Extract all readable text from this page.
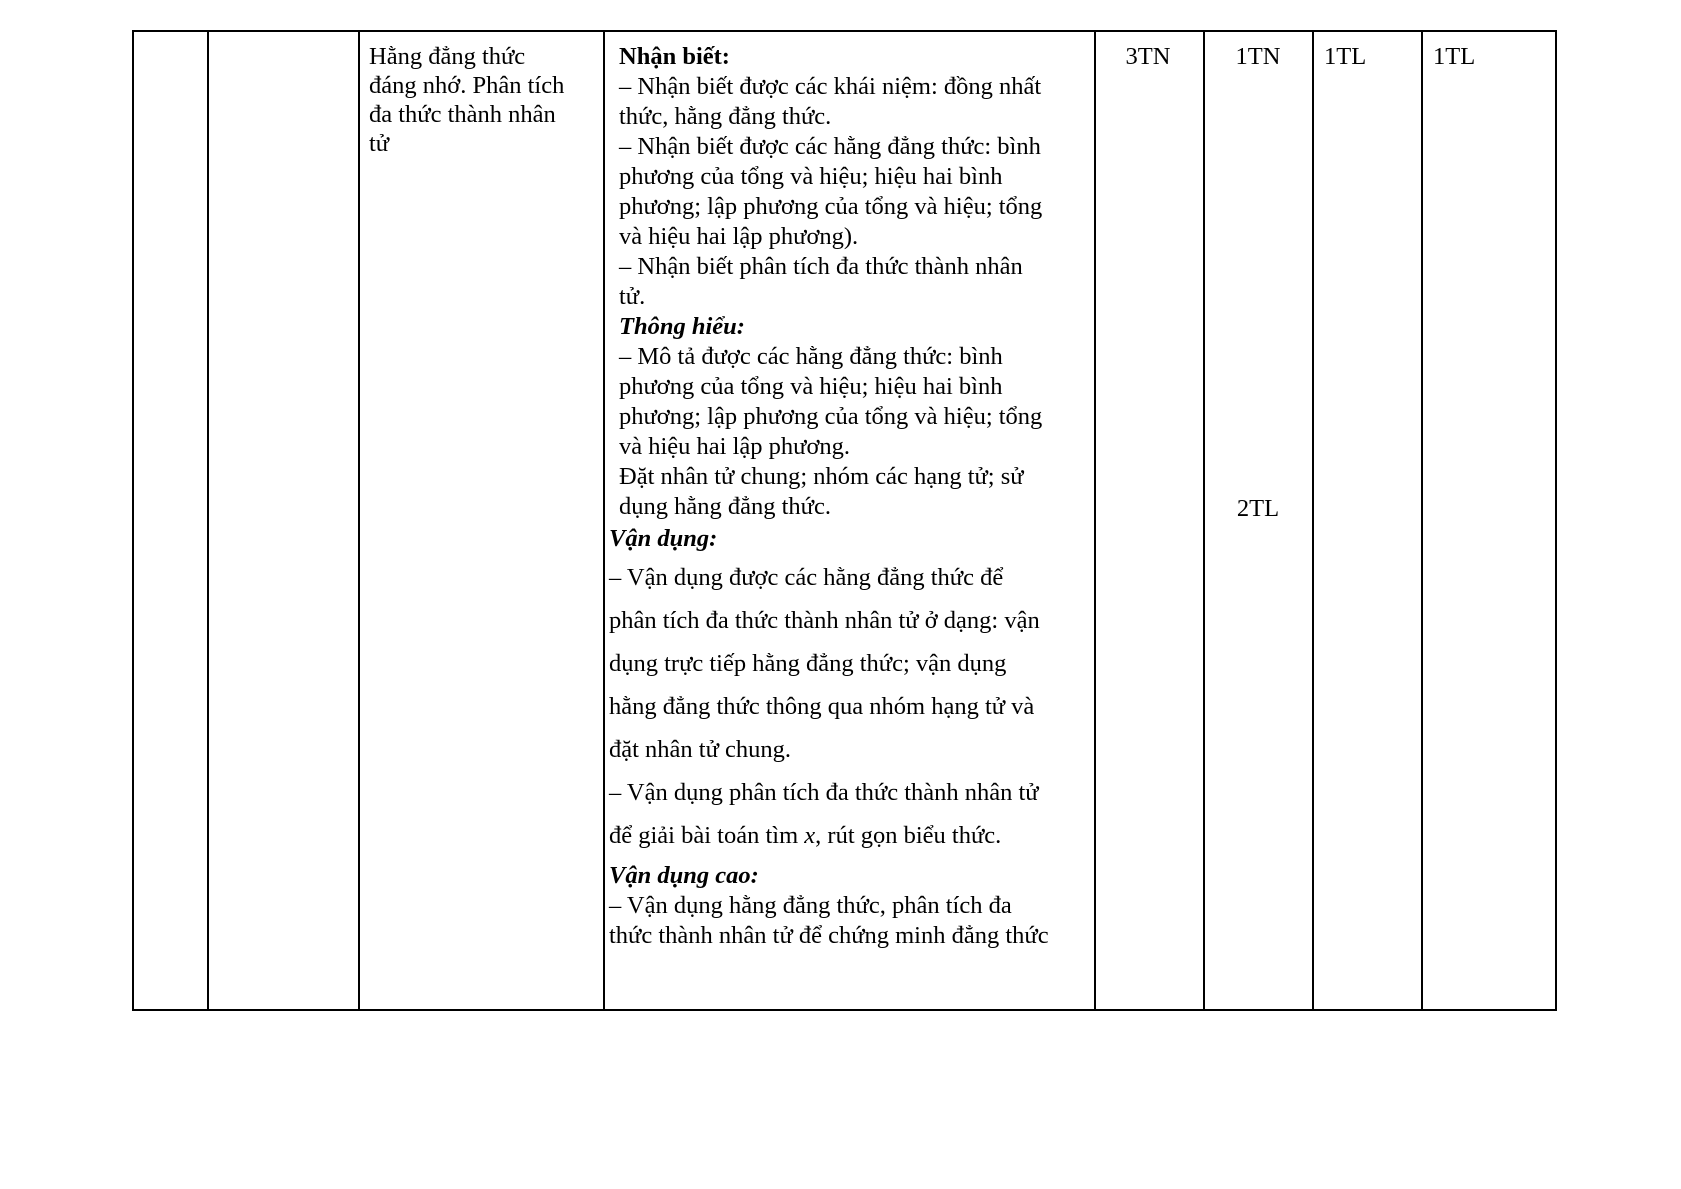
Hằng đẳng thức
đáng nhớ. Phân tích
đa thức thành nhân
tử
Nhận biết:
– Nhận biết được các khái niệm: đồng nhất
thức, hằng đẳng thức.
– Nhận biết được các hằng đẳng thức: bình
phương của tổng và hiệu; hiệu hai bình
phương; lập phương của tổng và hiệu; tổng
và hiệu hai lập phương).
– Nhận biết phân tích đa thức thành nhân
tử.
Thông hiểu:
– Mô tả được các hằng đẳng thức: bình
phương của tổng và hiệu; hiệu hai bình
phương; lập phương của tổng và hiệu; tổng
và hiệu hai lập phương.
Đặt nhân tử chung; nhóm các hạng tử; sử
dụng hằng đẳng thức.
Vận dụng:
– Vận dụng được các hằng đẳng thức để
phân tích đa thức thành nhân tử ở dạng: vận
dụng trực tiếp hằng đẳng thức; vận dụng
hằng đẳng thức thông qua nhóm hạng tử và
đặt nhân tử chung.
– Vận dụng phân tích đa thức thành nhân tử
để giải bài toán tìm x, rút gọn biểu thức.
Vận dụng cao:
– Vận dụng hằng đẳng thức, phân tích đa
thức thành nhân tử để chứng minh đẳng thức
3TN	1TN
2TL
1TL	1TL
